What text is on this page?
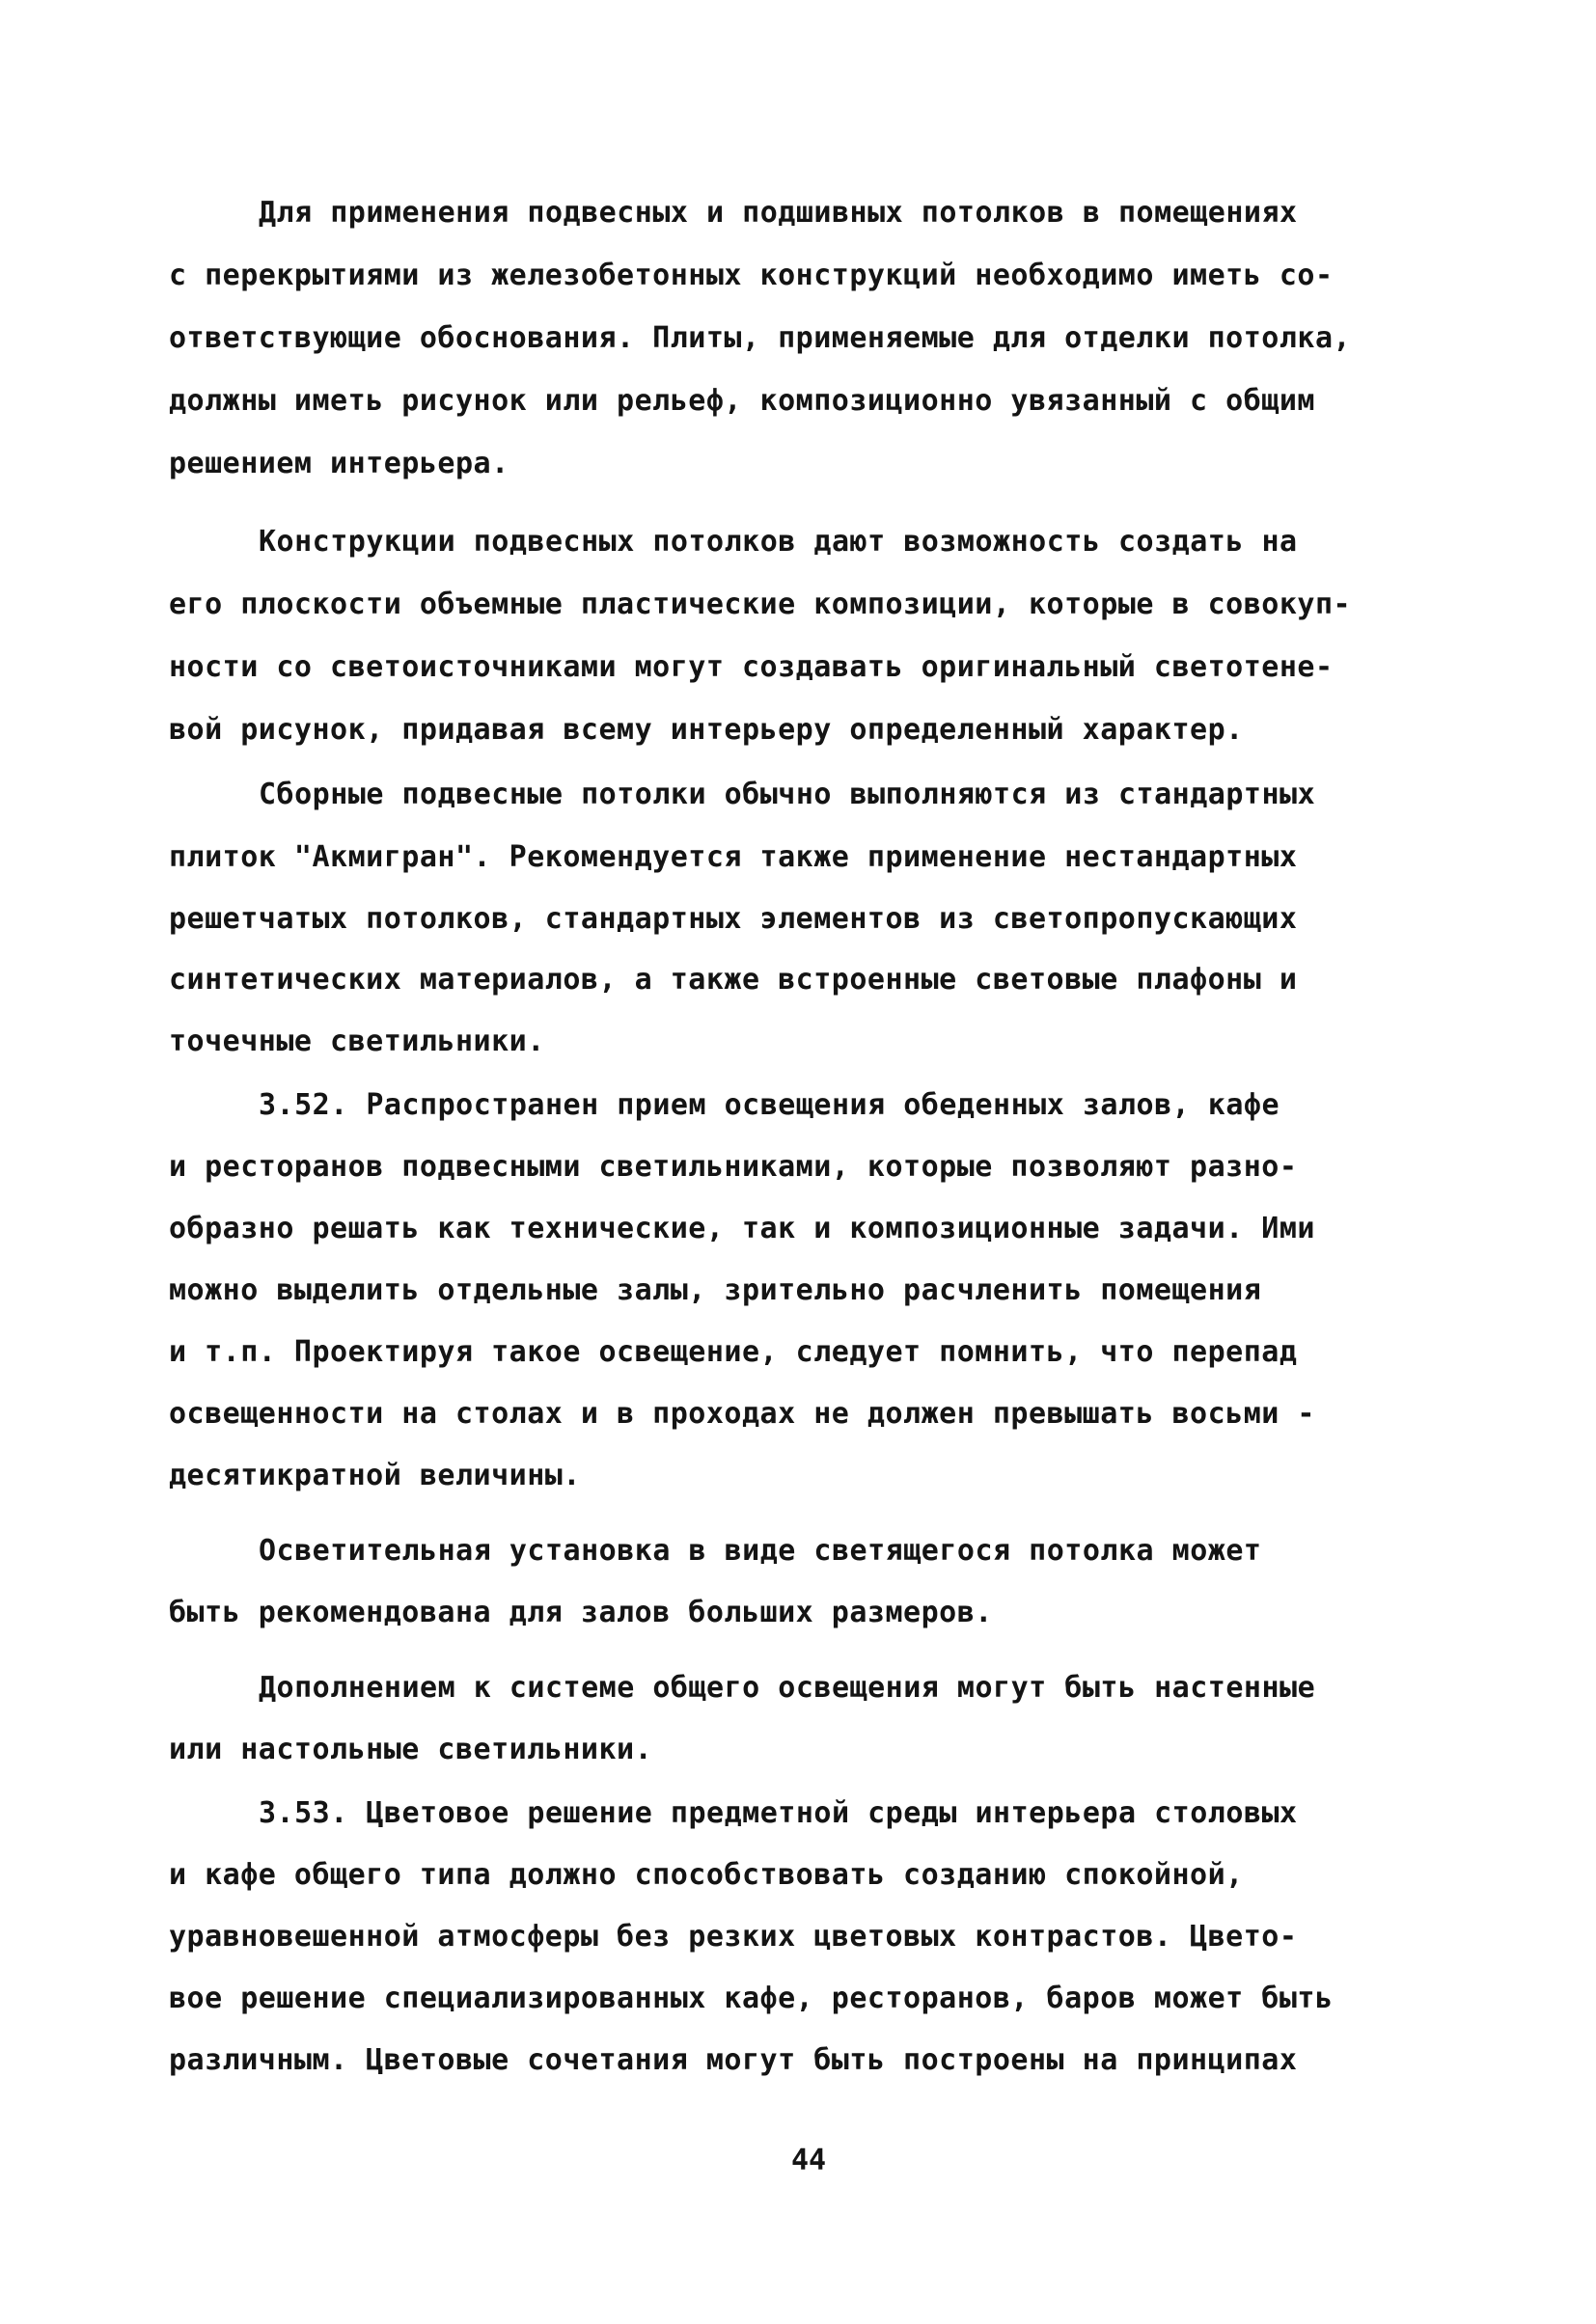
Для применения подвесных и подшивных потолков в помещениях
с перекрытиями из железобетонных конструкций необходимо иметь со-
ответствующие обоснования. Плиты, применяемые для отделки потолка,
должны иметь рисунок или рельеф, композиционно увязанный с общим
решением интерьера.
Конструкции подвесных потолков дают возможность создать на
его плоскости объемные пластические композиции, которые в совокуп-
ности со светоисточниками могут создавать оригинальный светотене-
вой рисунок, придавая всему интерьеру определенный характер.
Сборные подвесные потолки обычно выполняются из стандартных
плиток "Акмигран". Рекомендуется также применение нестандартных
решетчатых потолков, стандартных элементов из светопропускающих
синтетических материалов, а также встроенные световые плафоны и
точечные светильники.
3.52. Распространен прием освещения обеденных залов, кафе
и ресторанов подвесными светильниками, которые позволяют разно-
образно решать как технические, так и композиционные задачи. Ими
можно выделить отдельные залы, зрительно расчленить помещения
и т.п. Проектируя такое освещение, следует помнить, что перепад
освещенности на столах и в проходах не должен превышать восьми -
десятикратной величины.
Осветительная установка в виде светящегося потолка может
быть рекомендована для залов больших размеров.
Дополнением к системе общего освещения могут быть настенные
или настольные светильники.
3.53. Цветовое решение предметной среды интерьера столовых
и кафе общего типа должно способствовать созданию спокойной,
уравновешенной атмосферы без резких цветовых контрастов. Цвето-
вое решение специализированных кафе, ресторанов, баров может быть
различным. Цветовые сочетания могут быть построены на принципах
44
